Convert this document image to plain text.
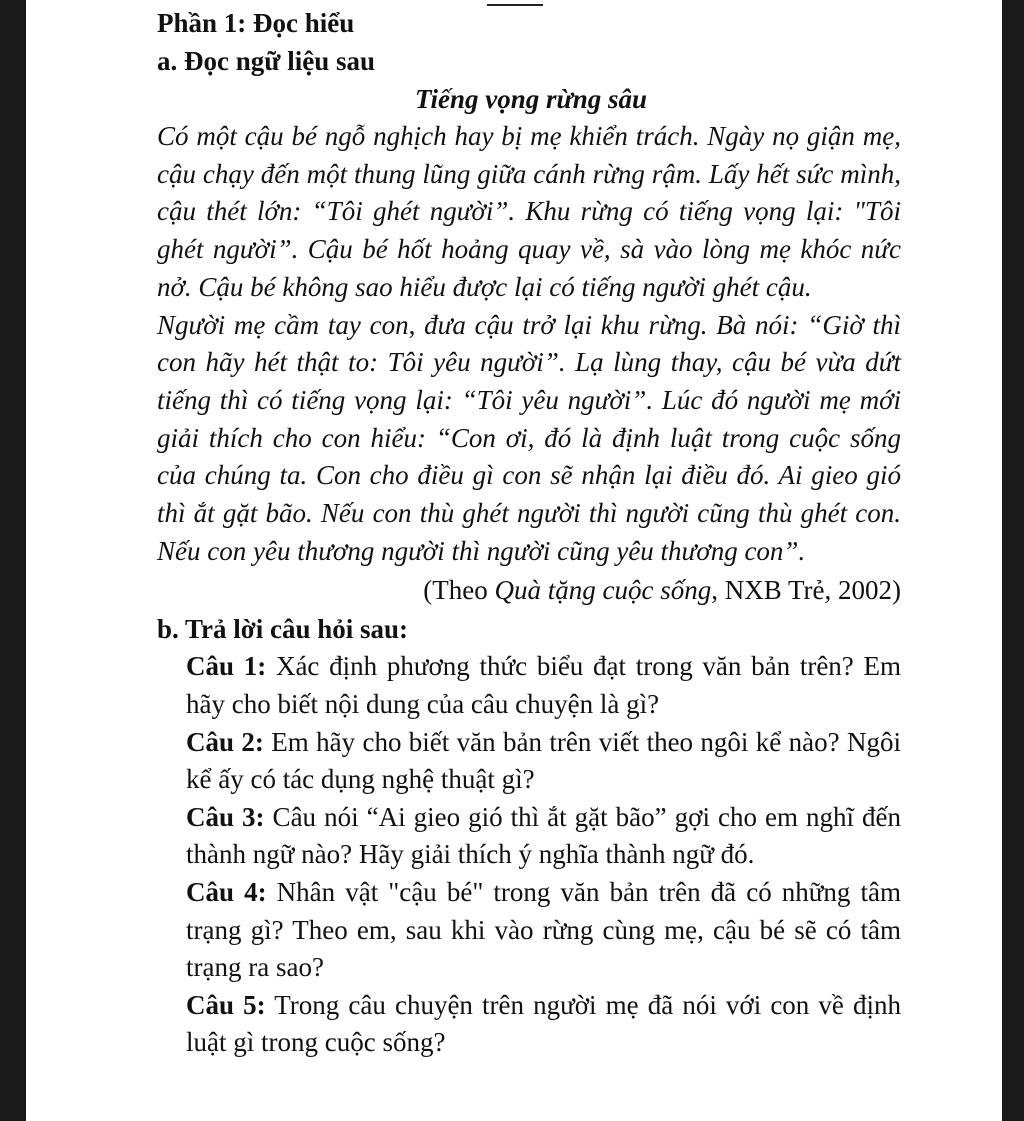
Phần 1: Đọc hiểu
a. Đọc ngữ liệu sau
Tiếng vọng rừng sâu

Có một cậu bé ngỗ nghịch hay bị mẹ khiển trách. Ngày nọ giận mẹ, cậu chạy đến một thung lũng giữa cánh rừng rậm. Lấy hết sức mình, cậu thét lớn: “Tôi ghét người”. Khu rừng có tiếng vọng lại: "Tôi ghét người”. Cậu bé hốt hoảng quay về, sà vào lòng mẹ khóc nức nở. Cậu bé không sao hiểu được lại có tiếng người ghét cậu.

Người mẹ cầm tay con, đưa cậu trở lại khu rừng. Bà nói: “Giờ thì con hãy hét thật to: Tôi yêu người”. Lạ lùng thay, cậu bé vừa dứt tiếng thì có tiếng vọng lại: “Tôi yêu người”. Lúc đó người mẹ mới giải thích cho con hiểu: “Con ơi, đó là định luật trong cuộc sống của chúng ta. Con cho điều gì con sẽ nhận lại điều đó. Ai gieo gió thì ắt gặt bão. Nếu con thù ghét người thì người cũng thù ghét con. Nếu con yêu thương người thì người cũng yêu thương con”.

(Theo Quà tặng cuộc sống, NXB Trẻ, 2002)
b. Trả lời câu hỏi sau:

Câu 1: Xác định phương thức biểu đạt trong văn bản trên? Em hãy cho biết nội dung của câu chuyện là gì?

Câu 2: Em hãy cho biết văn bản trên viết theo ngôi kể nào? Ngôi kể ấy có tác dụng nghệ thuật gì?

Câu 3: Câu nói “Ai gieo gió thì ắt gặt bão” gợi cho em nghĩ đến thành ngữ nào? Hãy giải thích ý nghĩa thành ngữ đó.

Câu 4: Nhân vật "cậu bé" trong văn bản trên đã có những tâm trạng gì? Theo em, sau khi vào rừng cùng mẹ, cậu bé sẽ có tâm trạng ra sao?

Câu 5: Trong câu chuyện trên người mẹ đã nói với con về định luật gì trong cuộc sống?
